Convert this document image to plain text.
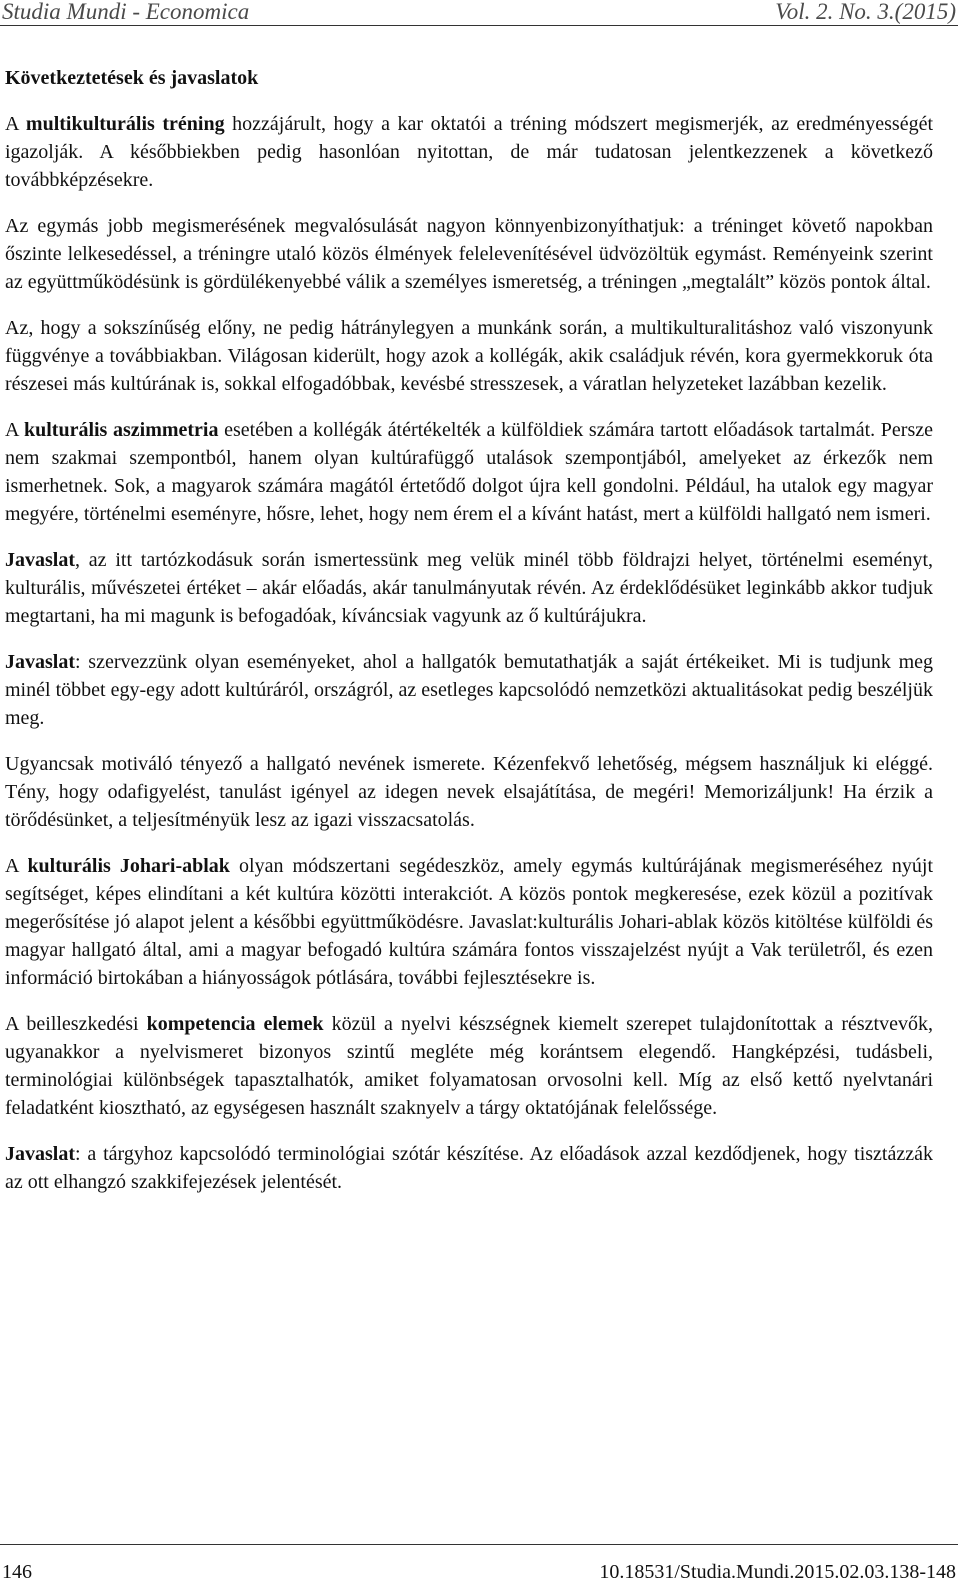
Studia Mundi - Economica	Vol. 2. No. 3.(2015)
Következtetések és javaslatok

A multikulturális tréning hozzájárult, hogy a kar oktatói a tréning módszert megismerjék, az eredményességét igazolják. A későbbiekben pedig hasonlóan nyitottan, de már tudatosan jelentkezzenek a következő továbbképzésekre.

Az egymás jobb megismerésének megvalósulását nagyon könnyenbizonyíthatjuk: a tréninget követő napokban őszinte lelkesedéssel, a tréningre utaló közös élmények felelevenítésével üdvözöltük egymást. Reményeink szerint az együttműködésünk is gördülékenyebbé válik a személyes ismeretség, a tréningen „megtalált” közös pontok által.

Az, hogy a sokszínűség előny, ne pedig hátránylegyen a munkánk során, a multikulturalitáshoz való viszonyunk függvénye a továbbiakban. Világosan kiderült, hogy azok a kollégák, akik családjuk révén, kora gyermekkoruk óta részesei más kultúrának is, sokkal elfogadóbbak, kevésbé stresszesek, a váratlan helyzeteket lazábban kezelik.

A kulturális aszimmetria esetében a kollégák átértékelték a külföldiek számára tartott előadások tartalmát. Persze nem szakmai szempontból, hanem olyan kultúrafüggő utalások szempontjából, amelyeket az érkezők nem ismerhetnek. Sok, a magyarok számára magától értetődő dolgot újra kell gondolni. Például, ha utalok egy magyar megyére, történelmi eseményre, hősre, lehet, hogy nem érem el a kívánt hatást, mert a külföldi hallgató nem ismeri.

Javaslat, az itt tartózkodásuk során ismertessünk meg velük minél több földrajzi helyet, történelmi eseményt, kulturális, művészetei értéket – akár előadás, akár tanulmányutak révén. Az érdeklődésüket leginkább akkor tudjuk megtartani, ha mi magunk is befogadóak, kíváncsiak vagyunk az ő kultúrájukra.

Javaslat: szervezzünk olyan eseményeket, ahol a hallgatók bemutathatják a saját értékeiket. Mi is tudjunk meg minél többet egy-egy adott kultúráról, országról, az esetleges kapcsolódó nemzetközi aktualitásokat pedig beszéljük meg.

Ugyancsak motiváló tényező a hallgató nevének ismerete. Kézenfekvő lehetőség, mégsem használjuk ki eléggé. Tény, hogy odafigyelést, tanulást igényel az idegen nevek elsajátítása, de megéri! Memorizáljunk! Ha érzik a törődésünket, a teljesítményük lesz az igazi visszacsatolás.

A kulturális Johari-ablak olyan módszertani segédeszköz, amely egymás kultúrájának megismeréséhez nyújt segítséget, képes elindítani a két kultúra közötti interakciót. A közös pontok megkeresése, ezek közül a pozitívak megerősítése jó alapot jelent a későbbi együttműködésre. Javaslat:kulturális Johari-ablak közös kitöltése külföldi és magyar hallgató által, ami a magyar befogadó kultúra számára fontos visszajelzést nyújt a Vak területről, és ezen információ birtokában a hiányosságok pótlására, további fejlesztésekre is.

A beilleszkedési kompetencia elemek közül a nyelvi készségnek kiemelt szerepet tulajdonítottak a résztvevők, ugyanakkor a nyelvismeret bizonyos szintű megléte még korántsem elegendő. Hangképzési, tudásbeli, terminológiai különbségek tapasztalhatók, amiket folyamatosan orvosolni kell. Míg az első kettő nyelvtanári feladatként kiosztható, az egységesen használt szaknyelv a tárgy oktatójának felelőssége.

Javaslat: a tárgyhoz kapcsolódó terminológiai szótár készítése. Az előadások azzal kezdődjenek, hogy tisztázzák az ott elhangzó szakkifejezések jelentését.

146	10.18531/Studia.Mundi.2015.02.03.138-148
